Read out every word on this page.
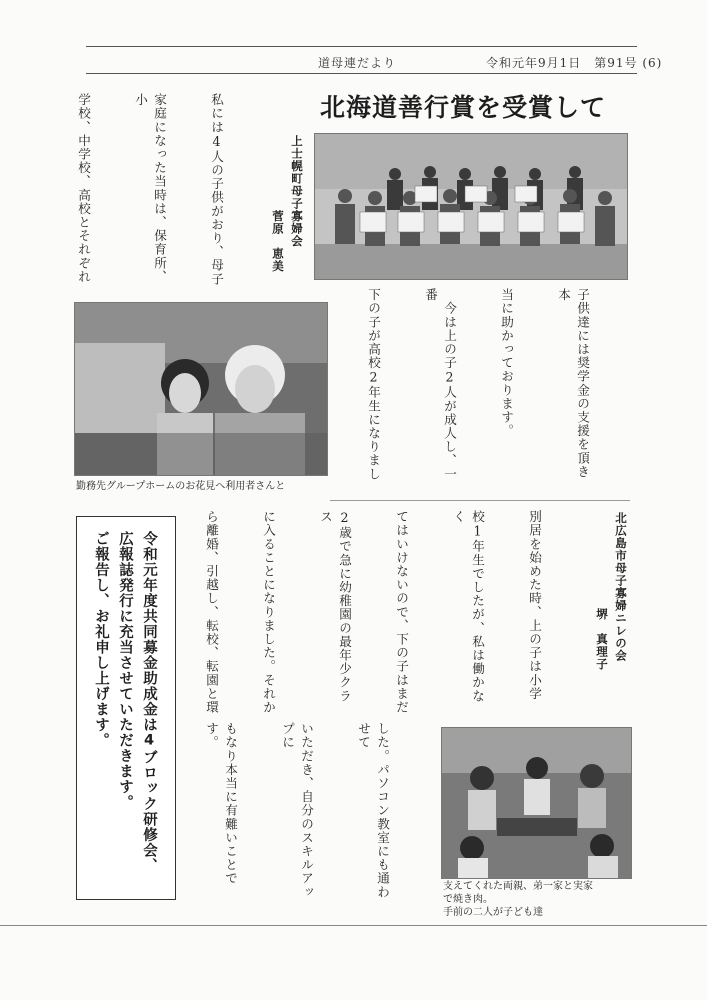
道母連だより	令和元年9月1日　第91号 (6)
北海道善行賞を受賞して
上士幌町母子寡婦会
菅原　恵美

私には4人の子供がおり、母子

家庭になった当時は、保育所、小

学校、中学校、高校とそれぞれ

勤務先グループホームのお花見へ利用者さんと

子供達には奨学金の支援を頂き本

当に助かっております。

　今は上の子2人が成人し、一番

下の子が高校2年生になりまし

北広島市母子寡婦ニレの会
堺　真理子

別居を始めた時、上の子は小学

校1年生でしたが、私は働かなく

てはいけないので、下の子はまだ

2歳で急に幼稚園の最年少クラス

に入ることになりました。それか

ら離婚、引越し、転校、転園と環

令和元年度共同募金助成金は4ブロック研修会、
広報誌発行に充当させていただきます。
ご報告し、お礼申し上げます。

した。パソコン教室にも通わせて

いただき、自分のスキルアップに

もなり本当に有難いことです。

支えてくれた両親、弟一家と実家
で焼き肉。
手前の二人が子ども達
